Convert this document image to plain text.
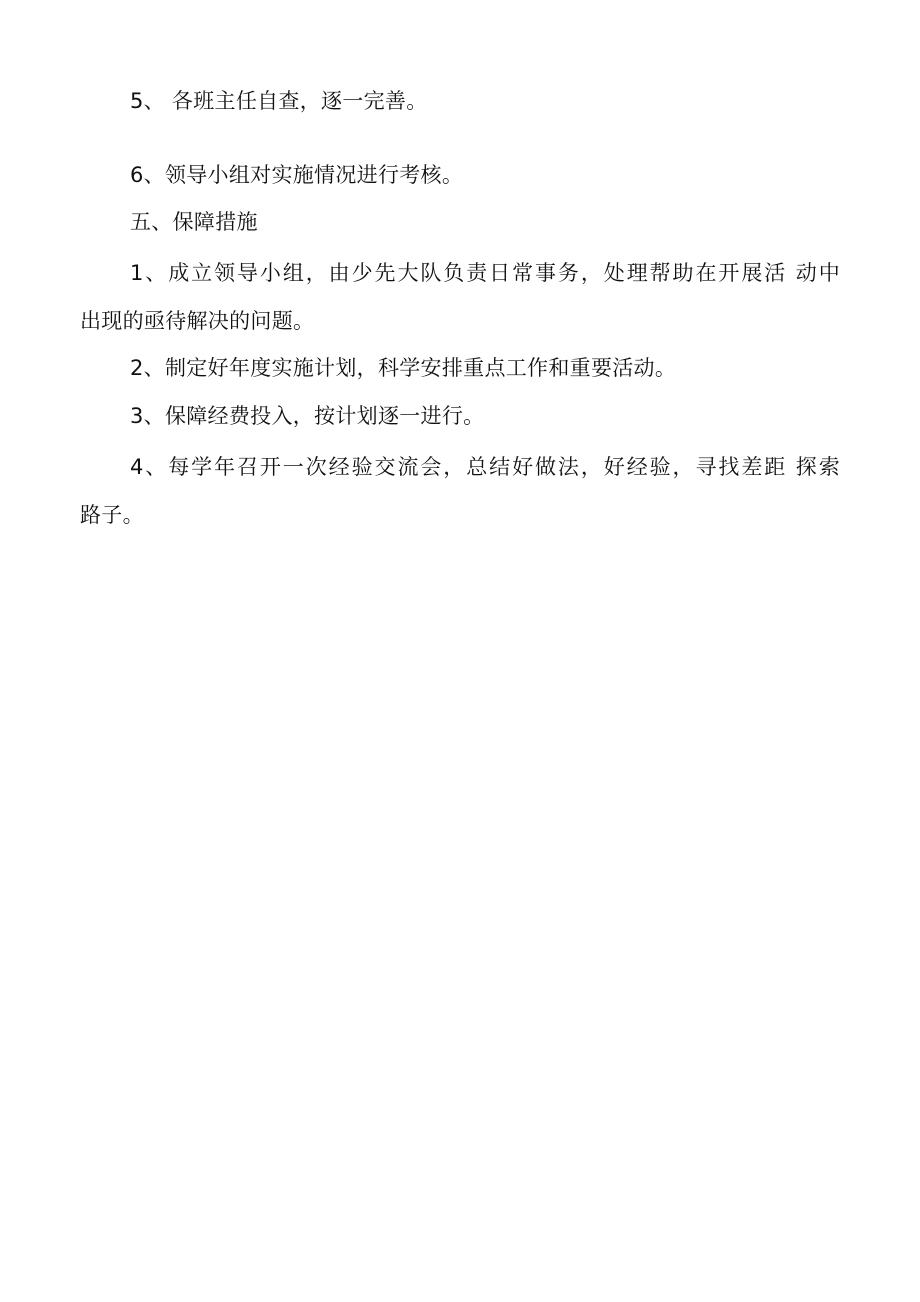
5、 各班主任自查，逐一完善。
6、领导小组对实施情况进行考核。
五、保障措施
1、成立领导小组，由少先大队负责日常事务，处理帮助在开展活 动中
出现的亟待解决的问题。
2、制定好年度实施计划，科学安排重点工作和重要活动。
3、保障经费投入，按计划逐一进行。
4、每学年召开一次经验交流会，总结好做法，好经验，寻找差距 探索
路子。
